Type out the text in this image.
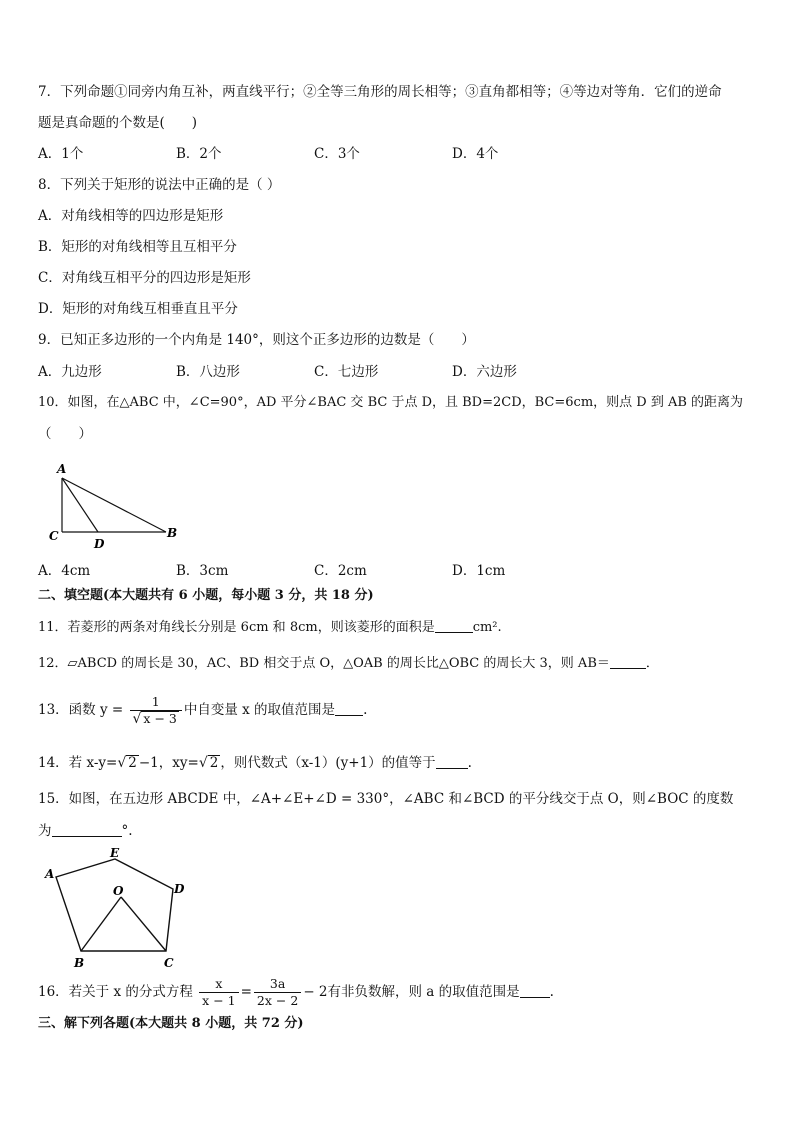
7．下列命题①同旁内角互补，两直线平行；②全等三角形的周长相等；③直角都相等；④等边对等角．它们的逆命
题是真命题的个数是(　　)
A．1个	B．2个	C．3个	D．4个
8．下列关于矩形的说法中正确的是（ ）
A．对角线相等的四边形是矩形
B．矩形的对角线相等且互相平分
C．对角线互相平分的四边形是矩形
D．矩形的对角线互相垂直且平分
9．已知正多边形的一个内角是 140°，则这个正多边形的边数是（　　）
A．九边形	B．八边形	C．七边形	D．六边形
10．如图，在△ABC 中，∠C=90°，AD 平分∠BAC 交 BC 于点 D，且 BD=2CD，BC=6cm，则点 D 到 AB 的距离为
（　　）
A
C
D
B
A．4cm	B．3cm	C．2cm	D．1cm
二、填空题(本大题共有 6 小题，每小题 3 分，共 18 分)
11．若菱形的两条对角线长分别是 6cm 和 8cm，则该菱形的面积是	cm².
12．▱ABCD 的周长是 30，AC、BD 相交于点 O，△OAB 的周长比△OBC 的周长大 3，则 AB＝	．
13．函数 $y = \frac{1}{√ x - 3}$ 中自变量 x 的取值范围是 .
14．若 x-y=√ 2 −1，xy=√ 2 ，则代数式（x-1）(y+1）的值等于 .
15．如图，在五边形 ABCDE 中，∠A+∠E+∠D = 330°，∠ABC 和∠BCD 的平分线交于点 O，则∠BOC 的度数
为	°.
A
E
D
O
B	C
16．若关于 x 的分式方程 $\frac{x}{x - 1} = \frac{3a}{2x - 2} - 2$有非负数解，则 a 的取值范围是 .
三、解下列各题(本大题共 8 小题，共 72 分)
